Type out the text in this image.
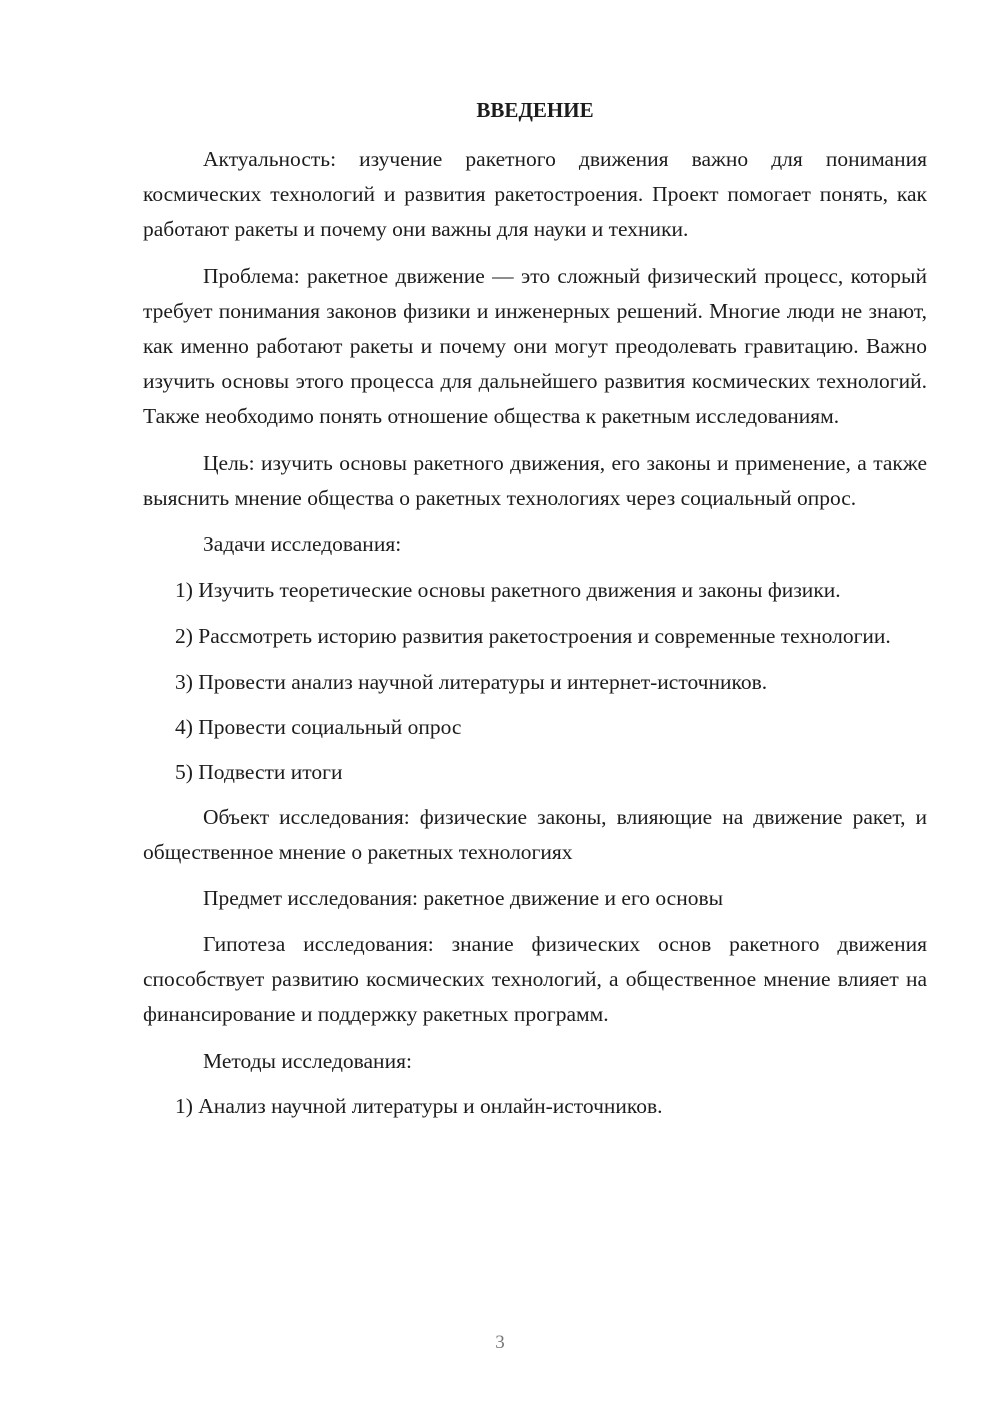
ВВЕДЕНИЕ

Актуальность: изучение ракетного движения важно для понимания космических технологий и развития ракетостроения. Проект помогает понять, как работают ракеты и почему они важны для науки и техники.

Проблема: ракетное движение — это сложный физический процесс, который требует понимания законов физики и инженерных решений. Многие люди не знают, как именно работают ракеты и почему они могут преодолевать гравитацию. Важно изучить основы этого процесса для дальнейшего развития космических технологий. Также необходимо понять отношение общества к ракетным исследованиям.

Цель: изучить основы ракетного движения, его законы и применение, а также выяснить мнение общества о ракетных технологиях через социальный опрос.

Задачи исследования:

1) Изучить теоретические основы ракетного движения и законы физики.

2) Рассмотреть историю развития ракетостроения и современные технологии.

3) Провести анализ научной литературы и интернет-источников.

4) Провести социальный опрос

5) Подвести итоги

Объект исследования: физические законы, влияющие на движение ракет, и общественное мнение о ракетных технологиях

Предмет исследования: ракетное движение и его основы

Гипотеза исследования: знание физических основ ракетного движения способствует развитию космических технологий, а общественное мнение влияет на финансирование и поддержку ракетных программ.

Методы исследования:

1) Анализ научной литературы и онлайн-источников.

3
